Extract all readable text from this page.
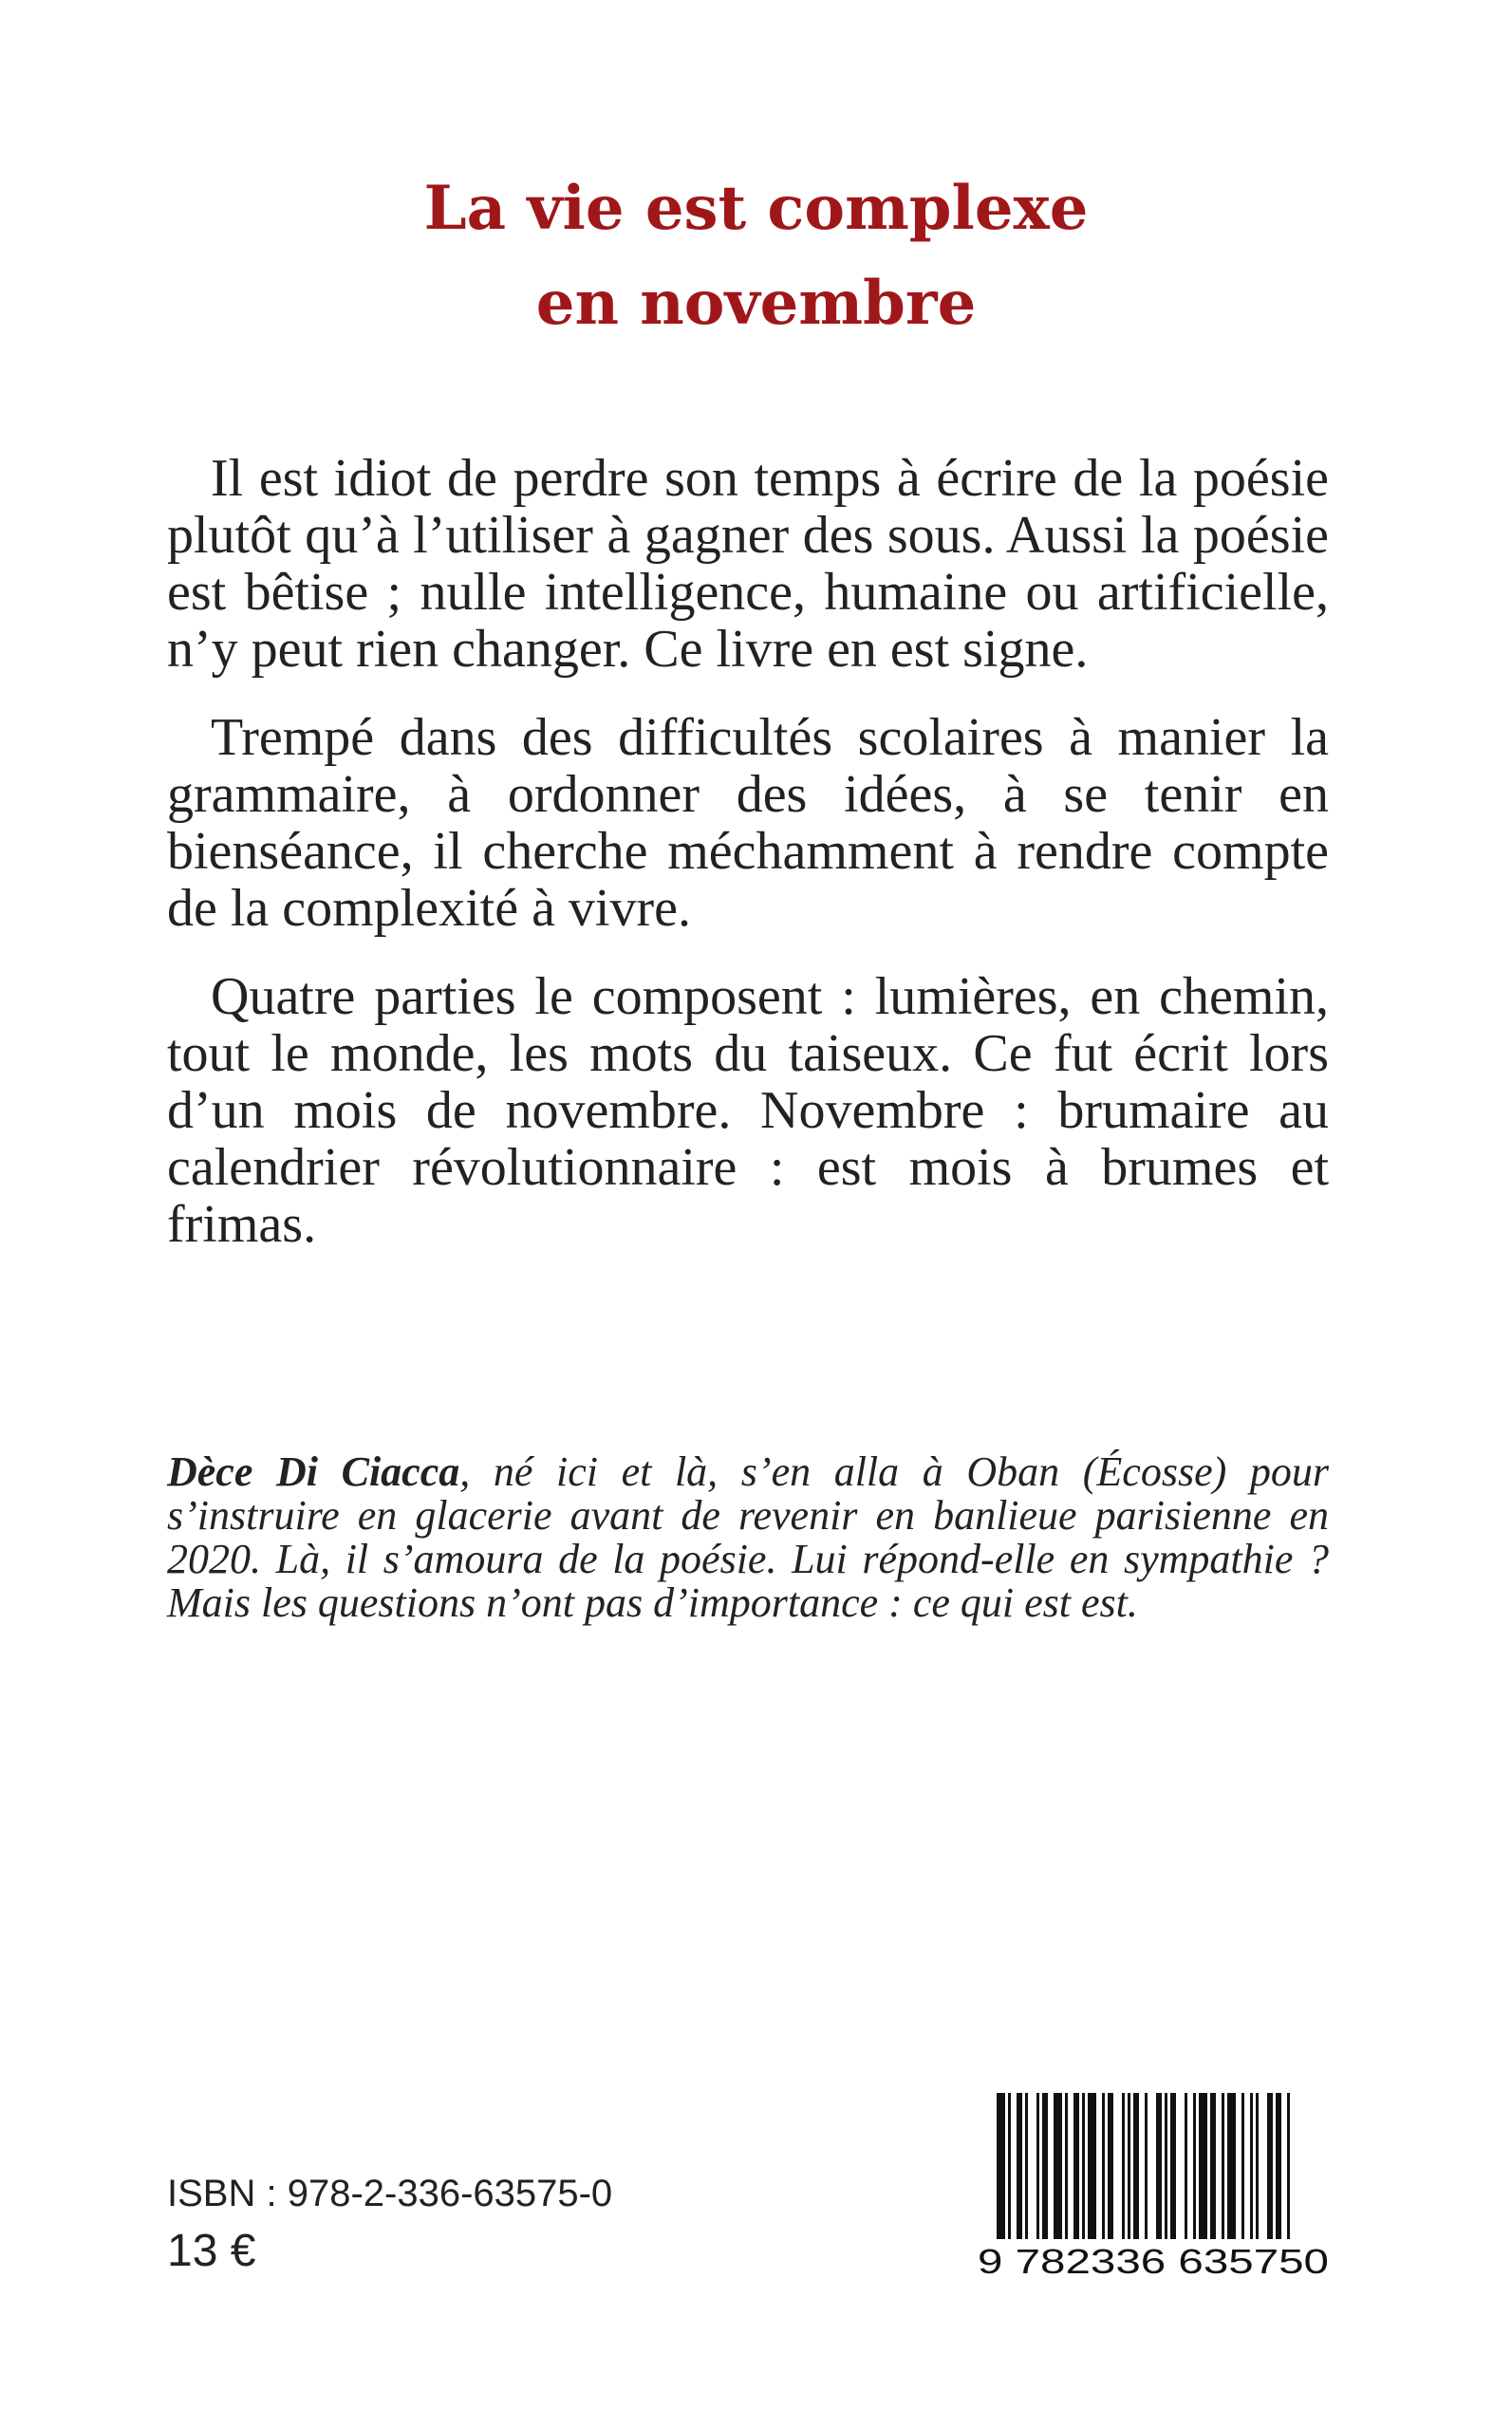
La vie est complexe
en novembre

Il est idiot de perdre son temps à écrire de la poésie plutôt qu’à l’utiliser à gagner des sous. Aussi la poésie est bêtise ; nulle intelligence, humaine ou artificielle, n’y peut rien changer. Ce livre en est signe.

Trempé dans des difficultés scolaires à manier la grammaire, à ordonner des idées, à se tenir en bienséance, il cherche méchamment à rendre compte de la complexité à vivre.

Quatre parties le composent : lumières, en chemin, tout le monde, les mots du taiseux. Ce fut écrit lors d’un mois de novembre. Novembre : brumaire au calendrier révolutionnaire : est mois à brumes et frimas.

Dèce Di Ciacca, né ici et là, s’en alla à Oban (Écosse) pour s’instruire en glacerie avant de revenir en banlieue parisienne en 2020. Là, il s’amoura de la poésie. Lui répond-elle en sympathie ? Mais les questions n’ont pas d’importance : ce qui est est.
ISBN : 978-2-336-63575-0
13 €	9 782336 635750
